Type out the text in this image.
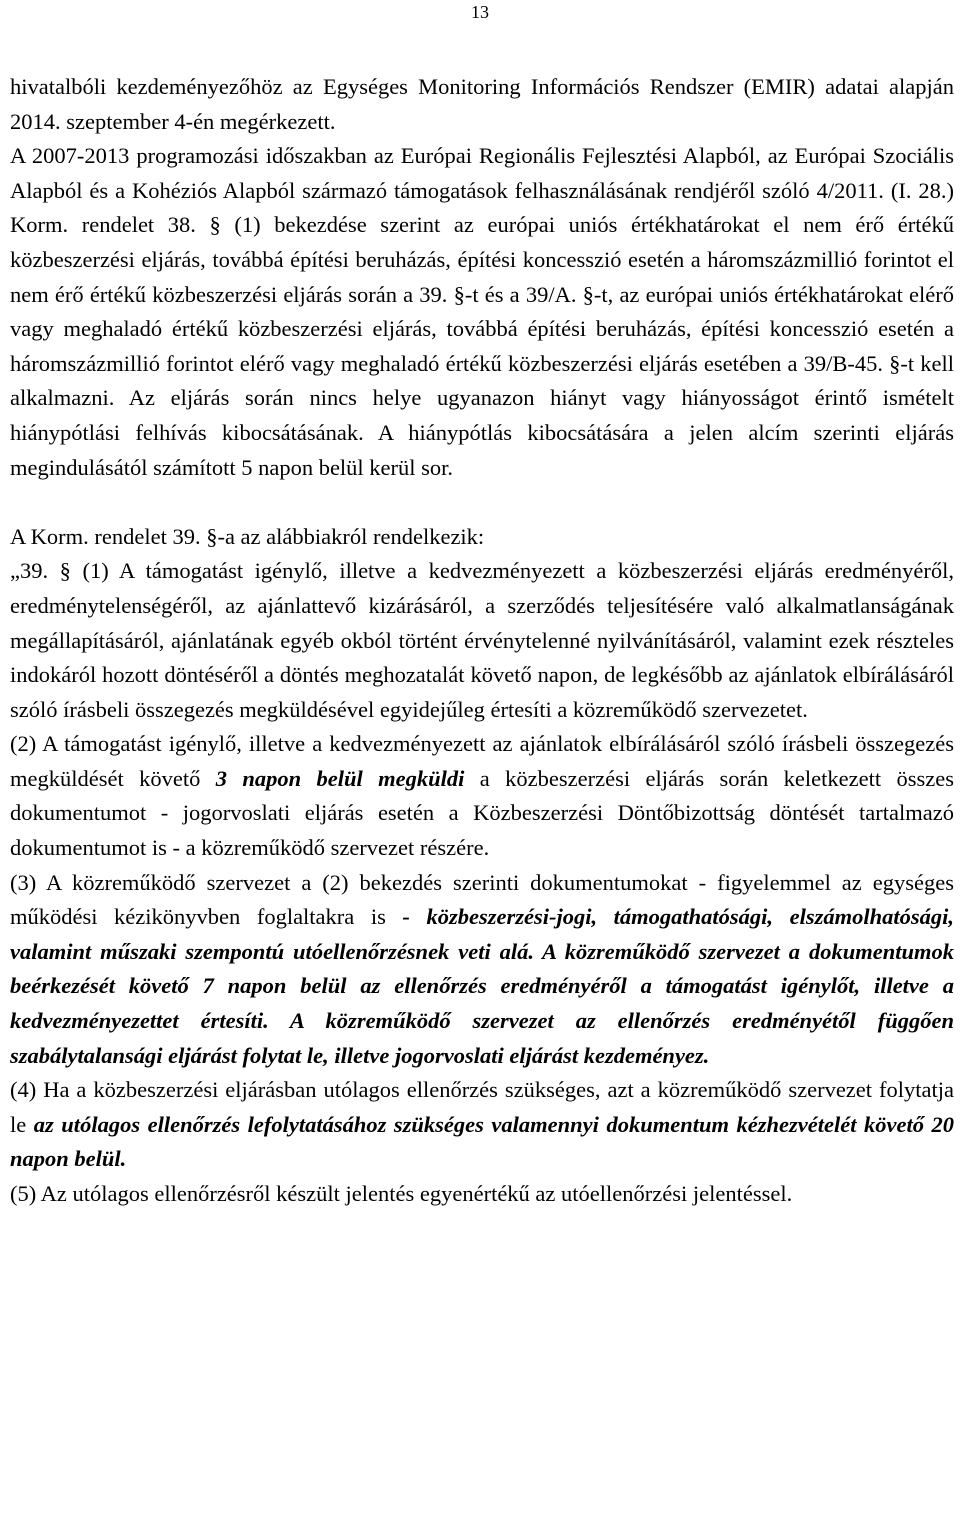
13

hivatalbóli kezdeményezőhöz az Egységes Monitoring Információs Rendszer (EMIR) adatai alapján 2014. szeptember 4-én megérkezett.

A 2007-2013 programozási időszakban az Európai Regionális Fejlesztési Alapból, az Európai Szociális Alapból és a Kohéziós Alapból származó támogatások felhasználásának rendjéről szóló 4/2011. (I. 28.) Korm. rendelet 38. § (1) bekezdése szerint az európai uniós értékhatárokat el nem érő értékű közbeszerzési eljárás, továbbá építési beruházás, építési koncesszió esetén a háromszázmillió forintot el nem érő értékű közbeszerzési eljárás során a 39. §-t és a 39/A. §-t, az európai uniós értékhatárokat elérő vagy meghaladó értékű közbeszerzési eljárás, továbbá építési beruházás, építési koncesszió esetén a háromszázmillió forintot elérő vagy meghaladó értékű közbeszerzési eljárás esetében a 39/B-45. §-t kell alkalmazni. Az eljárás során nincs helye ugyanazon hiányt vagy hiányosságot érintő ismételt hiánypótlási felhívás kibocsátásának. A hiánypótlás kibocsátására a jelen alcím szerinti eljárás megindulásától számított 5 napon belül kerül sor.

A Korm. rendelet 39. §-a az alábbiakról rendelkezik:

„39. § (1) A támogatást igénylő, illetve a kedvezményezett a közbeszerzési eljárás eredményéről, eredménytelenségéről, az ajánlattevő kizárásáról, a szerződés teljesítésére való alkalmatlanságának megállapításáról, ajánlatának egyéb okból történt érvénytelenné nyilvánításáról, valamint ezek részteles indokáról hozott döntéséről a döntés meghozatalát követő napon, de legkésőbb az ajánlatok elbírálásáról szóló írásbeli összegezés megküldésével egyidejűleg értesíti a közreműködő szervezetet.

(2) A támogatást igénylő, illetve a kedvezményezett az ajánlatok elbírálásáról szóló írásbeli összegezés megküldését követő 3 napon belül megküldi a közbeszerzési eljárás során keletkezett összes dokumentumot - jogorvoslati eljárás esetén a Közbeszerzési Döntőbizottság döntését tartalmazó dokumentumot is - a közreműködő szervezet részére.

(3) A közreműködő szervezet a (2) bekezdés szerinti dokumentumokat - figyelemmel az egységes működési kézikönyvben foglaltakra is - közbeszerzési-jogi, támogathatósági, elszámolhatósági, valamint műszaki szempontú utóellenőrzésnek veti alá. A közreműködő szervezet a dokumentumok beérkezését követő 7 napon belül az ellenőrzés eredményéről a támogatást igénylőt, illetve a kedvezményezettet értesíti. A közreműködő szervezet az ellenőrzés eredményétől függően szabálytalansági eljárást folytat le, illetve jogorvoslati eljárást kezdeményez.

(4) Ha a közbeszerzési eljárásban utólagos ellenőrzés szükséges, azt a közreműködő szervezet folytatja le az utólagos ellenőrzés lefolytatásához szükséges valamennyi dokumentum kézhezvételét követő 20 napon belül.

(5) Az utólagos ellenőrzésről készült jelentés egyenértékű az utóellenőrzési jelentéssel.
